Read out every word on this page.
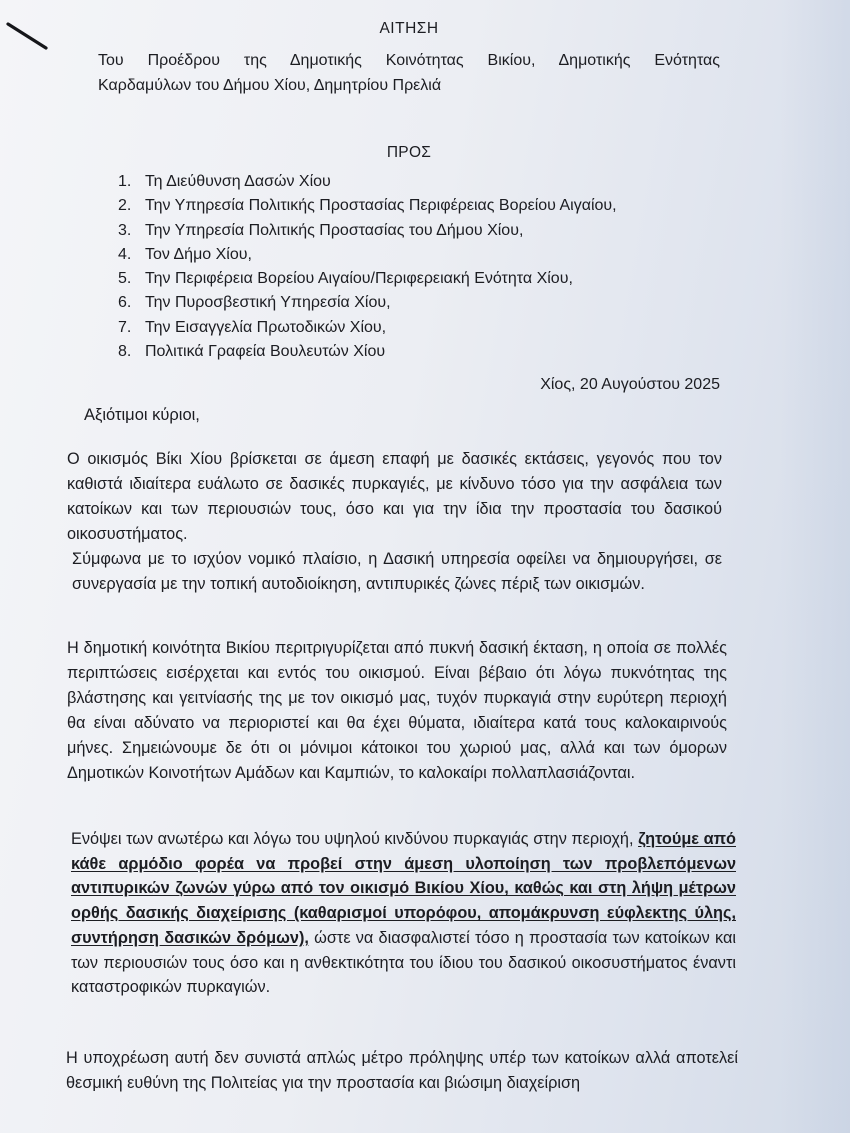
ΑΙΤΗΣΗ
Του Προέδρου της Δημοτικής Κοινότητας Βικίου, Δημοτικής Ενότητας
Καρδαμύλων του Δήμου Χίου, Δημητρίου Πρελιά
ΠΡΟΣ
1. Τη Διεύθυνση Δασών Χίου
2. Την Υπηρεσία Πολιτικής Προστασίας Περιφέρειας Βορείου Αιγαίου,
3. Την Υπηρεσία Πολιτικής Προστασίας του Δήμου Χίου,
4. Τον Δήμο Χίου,
5. Την Περιφέρεια Βορείου Αιγαίου/Περιφερειακή Ενότητα Χίου,
6. Την Πυροσβεστική Υπηρεσία Χίου,
7. Την Εισαγγελία Πρωτοδικών Χίου,
8. Πολιτικά Γραφεία Βουλευτών Χίου
Χίος, 20 Αυγούστου 2025
Αξιότιμοι κύριοι,

Ο οικισμός Βίκι Χίου βρίσκεται σε άμεση επαφή με δασικές εκτάσεις, γεγονός που τον καθιστά ιδιαίτερα ευάλωτο σε δασικές πυρκαγιές, με κίνδυνο τόσο για την ασφάλεια των κατοίκων και των περιουσιών τους, όσο και για την ίδια την προστασία του δασικού οικοσυστήματος.

Σύμφωνα με το ισχύον νομικό πλαίσιο, η Δασική υπηρεσία οφείλει να δημιουργήσει, σε συνεργασία με την τοπική αυτοδιοίκηση, αντιπυρικές ζώνες πέριξ των οικισμών.

Η δημοτική κοινότητα Βικίου περιτριγυρίζεται από πυκνή δασική έκταση, η οποία σε πολλές περιπτώσεις εισέρχεται και εντός του οικισμού. Είναι βέβαιο ότι λόγω πυκνότητας της βλάστησης και γειτνίασής της με τον οικισμό μας, τυχόν πυρκαγιά στην ευρύτερη περιοχή θα είναι αδύνατο να περιοριστεί και θα έχει θύματα, ιδιαίτερα κατά τους καλοκαιρινούς μήνες. Σημειώνουμε δε ότι οι μόνιμοι κάτοικοι του χωριού μας, αλλά και των όμορων Δημοτικών Κοινοτήτων Αμάδων και Καμπιών, το καλοκαίρι πολλαπλασιάζονται.

Ενόψει των ανωτέρω και λόγω του υψηλού κινδύνου πυρκαγιάς στην περιοχή, ζητούμε από κάθε αρμόδιο φορέα να προβεί στην άμεση υλοποίηση των προβλεπόμενων αντιπυρικών ζωνών γύρω από τον οικισμό Βικίου Χίου, καθώς και στη λήψη μέτρων ορθής δασικής διαχείρισης (καθαρισμοί υπορόφου, απομάκρυνση εύφλεκτης ύλης, συντήρηση δασικών δρόμων), ώστε να διασφαλιστεί τόσο η προστασία των κατοίκων και των περιουσιών τους όσο και η ανθεκτικότητα του ίδιου του δασικού οικοσυστήματος έναντι καταστροφικών πυρκαγιών.

Η υποχρέωση αυτή δεν συνιστά απλώς μέτρο πρόληψης υπέρ των κατοίκων αλλά αποτελεί θεσμική ευθύνη της Πολιτείας για την προστασία και βιώσιμη διαχείριση
